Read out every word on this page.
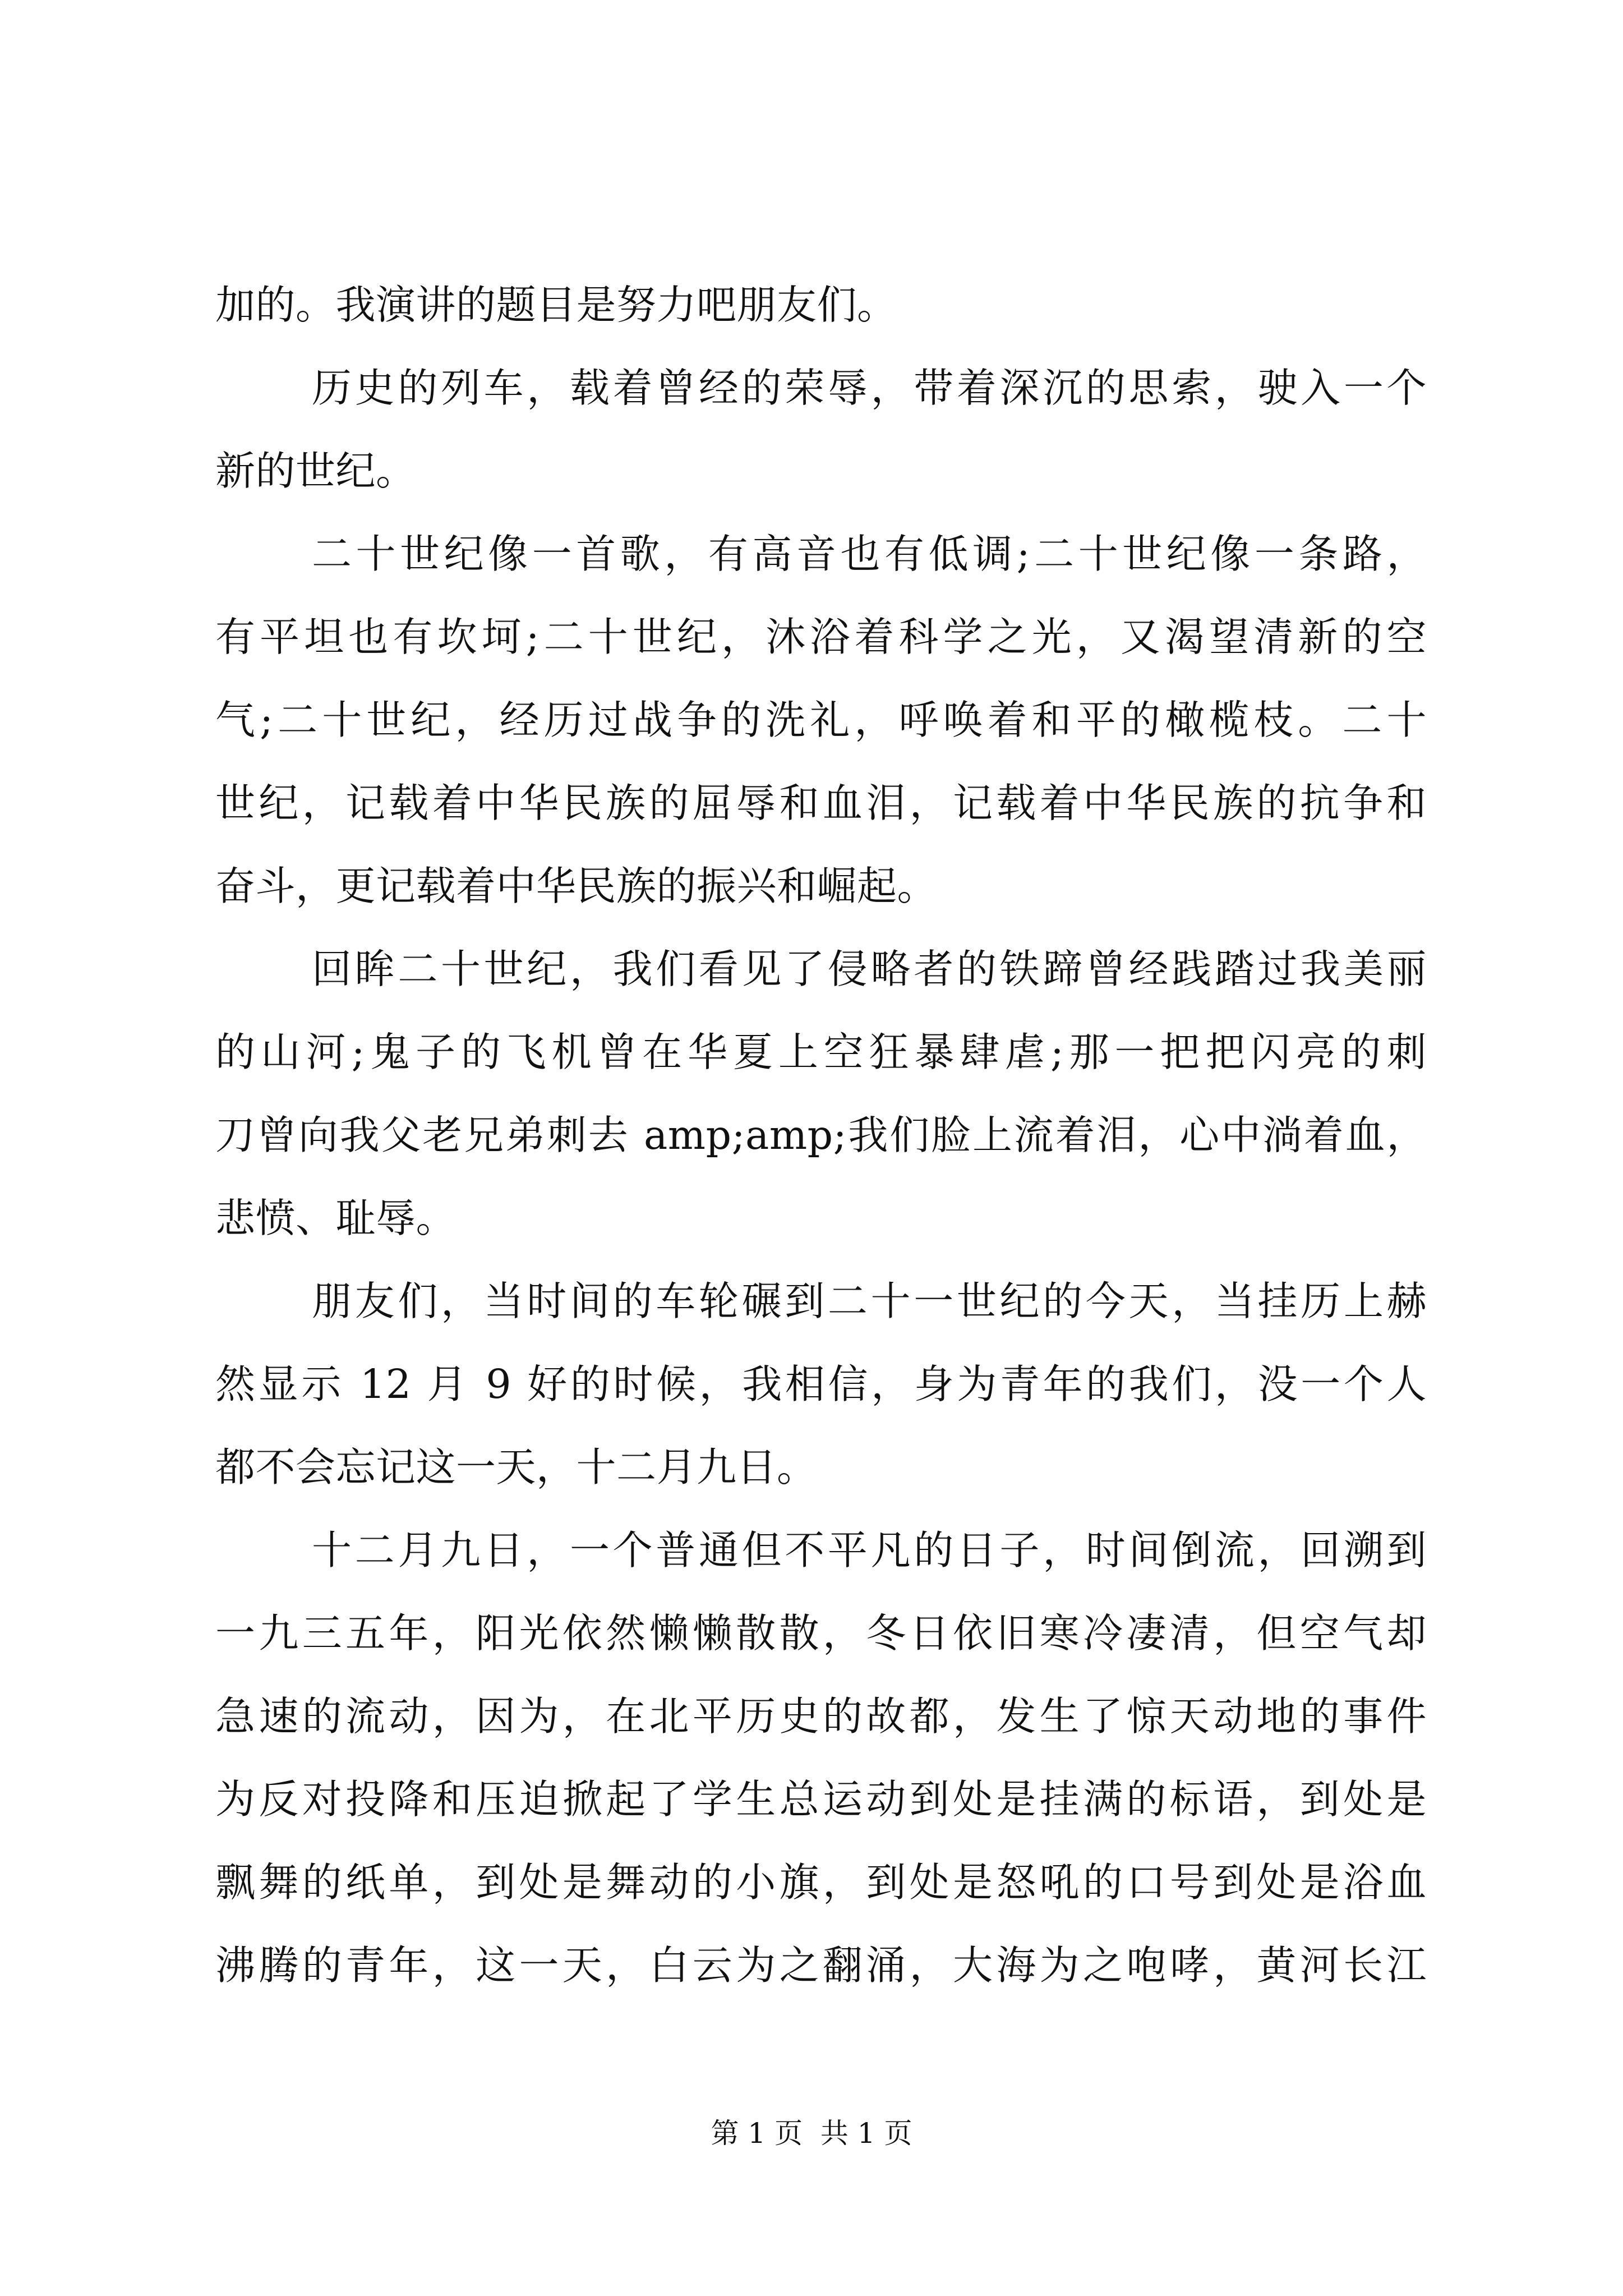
加的。我演讲的题目是努力吧朋友们。
历史的列车，载着曾经的荣辱，带着深沉的思索，驶入一个
新的世纪。
二十世纪像一首歌，有高音也有低调;二十世纪像一条路，
有平坦也有坎坷;二十世纪，沐浴着科学之光，又渴望清新的空
气;二十世纪，经历过战争的洗礼，呼唤着和平的橄榄枝。二十
世纪，记载着中华民族的屈辱和血泪，记载着中华民族的抗争和
奋斗，更记载着中华民族的振兴和崛起。
回眸二十世纪，我们看见了侵略者的铁蹄曾经践踏过我美丽
的山河;鬼子的飞机曾在华夏上空狂暴肆虐;那一把把闪亮的刺
刀曾向我父老兄弟刺去 amp;amp;我们脸上流着泪，心中淌着血，
悲愤、耻辱。
朋友们，当时间的车轮碾到二十一世纪的今天，当挂历上赫
然显示 12 月 9 好的时候，我相信，身为青年的我们，没一个人
都不会忘记这一天，十二月九日。
十二月九日，一个普通但不平凡的日子，时间倒流，回溯到
一九三五年，阳光依然懒懒散散，冬日依旧寒冷凄清，但空气却
急速的流动，因为，在北平历史的故都，发生了惊天动地的事件
为反对投降和压迫掀起了学生总运动到处是挂满的标语，到处是
飘舞的纸单，到处是舞动的小旗，到处是怒吼的口号到处是浴血
沸腾的青年，这一天，白云为之翻涌，大海为之咆哮，黄河长江
第 1 页  共 1 页
